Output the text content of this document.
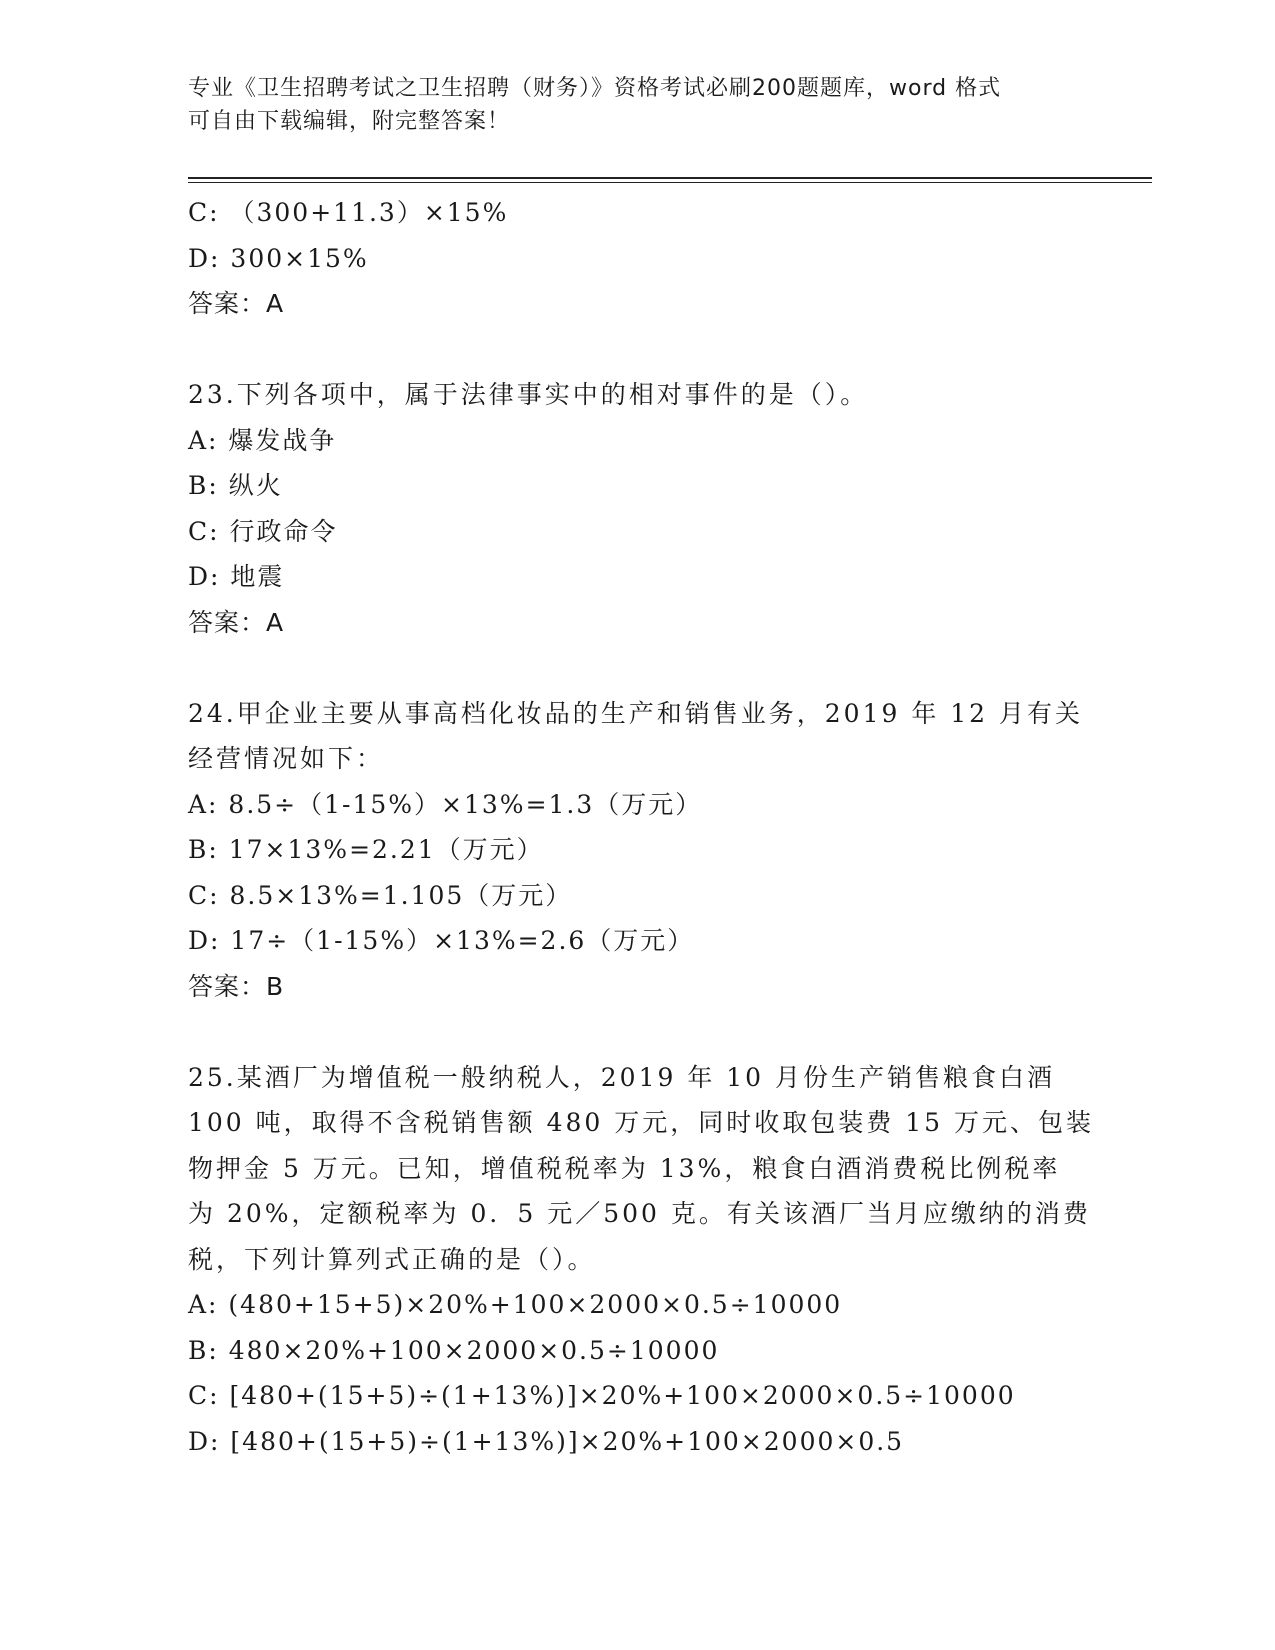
专业《卫生招聘考试之卫生招聘（财务）》资格考试必刷200题题库，word 格式
可自由下载编辑，附完整答案！
C: （300+11.3）×15%
D: 300×15%
答案：A
23.下列各项中，属于法律事实中的相对事件的是（）。
A: 爆发战争
B: 纵火
C: 行政命令
D: 地震
答案：A
24.甲企业主要从事高档化妆品的生产和销售业务，2019 年 12 月有关
经营情况如下：
A: 8.5÷（1-15%）×13%=1.3（万元）
B: 17×13%=2.21（万元）
C: 8.5×13%=1.105（万元）
D: 17÷（1-15%）×13%=2.6（万元）
答案：B
25.某酒厂为增值税一般纳税人，2019 年 10 月份生产销售粮食白酒
100 吨，取得不含税销售额 480 万元，同时收取包装费 15 万元、包装
物押金 5 万元。已知，增值税税率为 13%，粮食白酒消费税比例税率
为 20%，定额税率为 0．5 元／500 克。有关该酒厂当月应缴纳的消费
税，下列计算列式正确的是（）。
A: (480+15+5)×20%+100×2000×0.5÷10000
B: 480×20%+100×2000×0.5÷10000
C: [480+(15+5)÷(1+13%)]×20%+100×2000×0.5÷10000
D: [480+(15+5)÷(1+13%)]×20%+100×2000×0.5
